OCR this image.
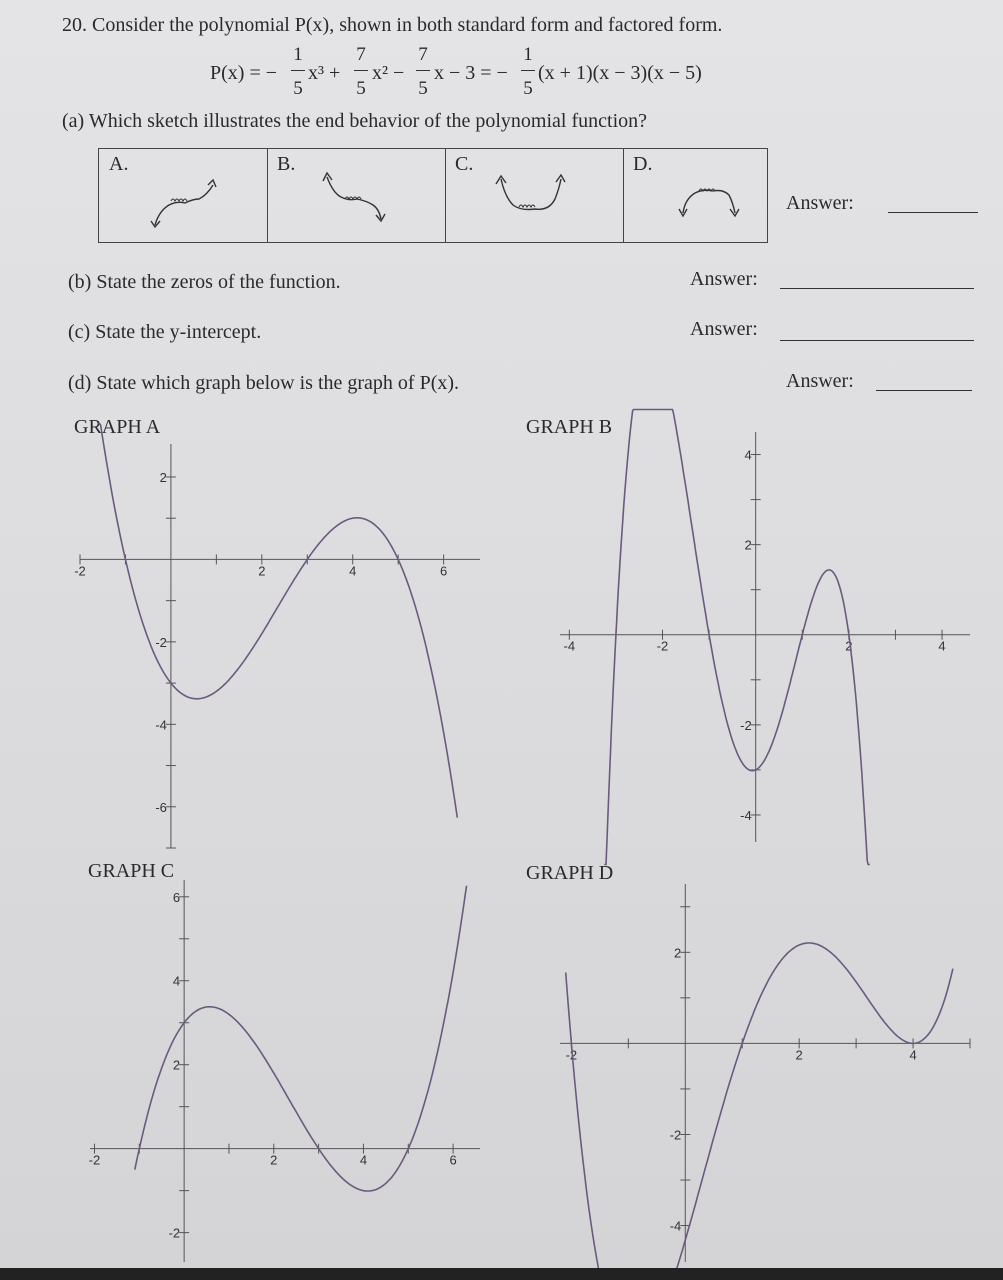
20. Consider the polynomial P(x), shown in both standard form and factored form.
P(x) = −
1
5
x³ +
7
5
x² −
7
5
x − 3 = −
1
5
(x + 1)(x − 3)(x − 5)
(a) Which sketch illustrates the end behavior of the polynomial function?
A.	B.	C.	D.
Answer:
(b) State the zeros of the function.	Answer:
(c) State the y-intercept.	Answer:
(d) State which graph below is the graph of P(x).	Answer:
GRAPH A	GRAPH B
GRAPH C	GRAPH D
-2	2	4	6
2
-2
-4
-6
-4	-2	2	4
4
2
-2
-4
-2	2	4	6
6
4
2
-2
-2	2	4
2
-2
-4
